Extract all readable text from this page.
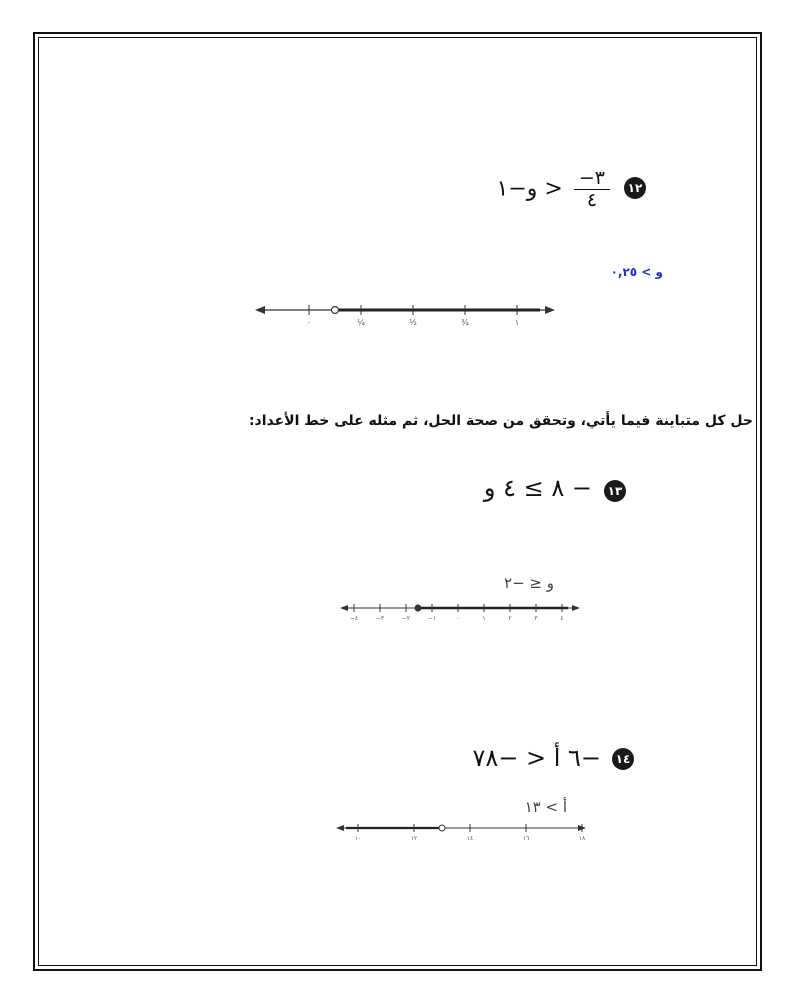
١٢
$\frac{٣-}{٤}$
< و−١
و > ٠,٢٥
٠	¼	½	¾	١
حل كل متباينة فيما يأتي، وتحقق من صحة الحل، ثم مثله على خط الأعداد:
١٣
− ٨ ≥ ٤ و
و ≤ −٢
−٤	−٣	−٢	−١	٠	١	٢	٣	٤
١٤
−٦ أ < −٧٨
أ > ١٣
١٠	١٢	١٤	١٦	١٨
